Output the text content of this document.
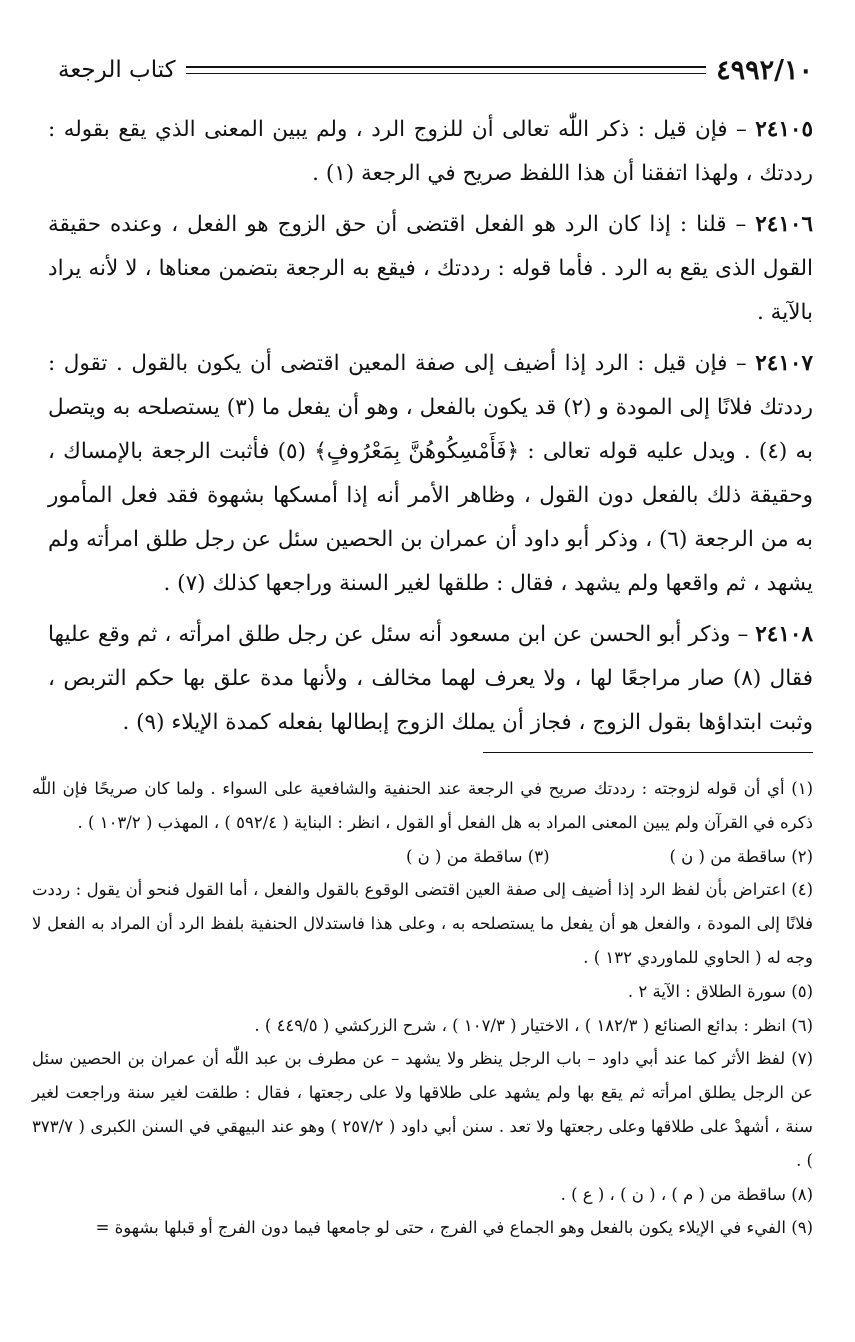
كتاب الرجعة	٤٩٩٢/١٠

٢٤١٠٥ – فإن قيل : ذكر اللّٰه تعالى أن للزوج الرد ، ولم يبين المعنى الذي يقع بقوله : رددتك ، ولهذا اتفقنا أن هذا اللفظ صريح في الرجعة (١) .

٢٤١٠٦ – قلنا : إذا كان الرد هو الفعل اقتضى أن حق الزوج هو الفعل ، وعنده حقيقة القول الذى يقع به الرد . فأما قوله : رددتك ، فيقع به الرجعة بتضمن معناها ، لا لأنه يراد بالآية .

٢٤١٠٧ – فإن قيل : الرد إذا أضيف إلى صفة المعين اقتضى أن يكون بالقول . تقول : رددتك فلانًا إلى المودة و (٢) قد يكون بالفعل ، وهو أن يفعل ما (٣) يستصلحه به ويتصل به (٤) . ويدل عليه قوله تعالى : ﴿فَأَمْسِكُوهُنَّ بِمَعْرُوفٍ﴾ (٥) فأثبت الرجعة بالإمساك ، وحقيقة ذلك بالفعل دون القول ، وظاهر الأمر أنه إذا أمسكها بشهوة فقد فعل المأمور به من الرجعة (٦) ، وذكر أبو داود أن عمران بن الحصين سئل عن رجل طلق امرأته ولم يشهد ، ثم واقعها ولم يشهد ، فقال : طلقها لغير السنة وراجعها كذلك (٧) .

٢٤١٠٨ – وذكر أبو الحسن عن ابن مسعود أنه سئل عن رجل طلق امرأته ، ثم وقع عليها فقال (٨) صار مراجعًا لها ، ولا يعرف لهما مخالف ، ولأنها مدة علق بها حكم التربص ، وثبت ابتداؤها بقول الزوج ، فجاز أن يملك الزوج إبطالها بفعله كمدة الإيلاء (٩) .

(١) أي أن قوله لزوجته : رددتك صريح في الرجعة عند الحنفية والشافعية على السواء . ولما كان صريحًا فإن اللّٰه ذكره في القرآن ولم يبين المعنى المراد به هل الفعل أو القول ، انظر : البناية ( ٥٩٢/٤ ) ، المهذب ( ١٠٣/٢ ) .

(٢) ساقطة من ( ن )(٣) ساقطة من ( ن )

(٤) اعتراض بأن لفظ الرد إذا أضيف إلى صفة العين اقتضى الوقوع بالقول والفعل ، أما القول فنحو أن يقول : رددت فلانًا إلى المودة ، والفعل هو أن يفعل ما يستصلحه به ، وعلى هذا فاستدلال الحنفية بلفظ الرد أن المراد به الفعل لا وجه له ( الحاوي للماوردي ١٣٢ ) .

(٥) سورة الطلاق : الآية ٢ .

(٦) انظر : بدائع الصنائع ( ١٨٢/٣ ) ، الاختيار ( ١٠٧/٣ ) ، شرح الزركشي ( ٤٤٩/٥ ) .

(٧) لفظ الأثر كما عند أبي داود – باب الرجل ينظر ولا يشهد – عن مطرف بن عبد اللّٰه أن عمران بن الحصين سئل عن الرجل يطلق امرأته ثم يقع بها ولم يشهد على طلاقها ولا على رجعتها ، فقال : طلقت لغير سنة وراجعت لغير سنة ، أشهدْ على طلاقها وعلى رجعتها ولا تعد . سنن أبي داود ( ٢٥٧/٢ ) وهو عند البيهقي في السنن الكبرى ( ٣٧٣/٧ ) .

(٨) ساقطة من ( م ) ، ( ن ) ، ( ع ) .

(٩) الفيء في الإيلاء يكون بالفعل وهو الجماع في الفرج ، حتى لو جامعها فيما دون الفرج أو قبلها بشهوة =
